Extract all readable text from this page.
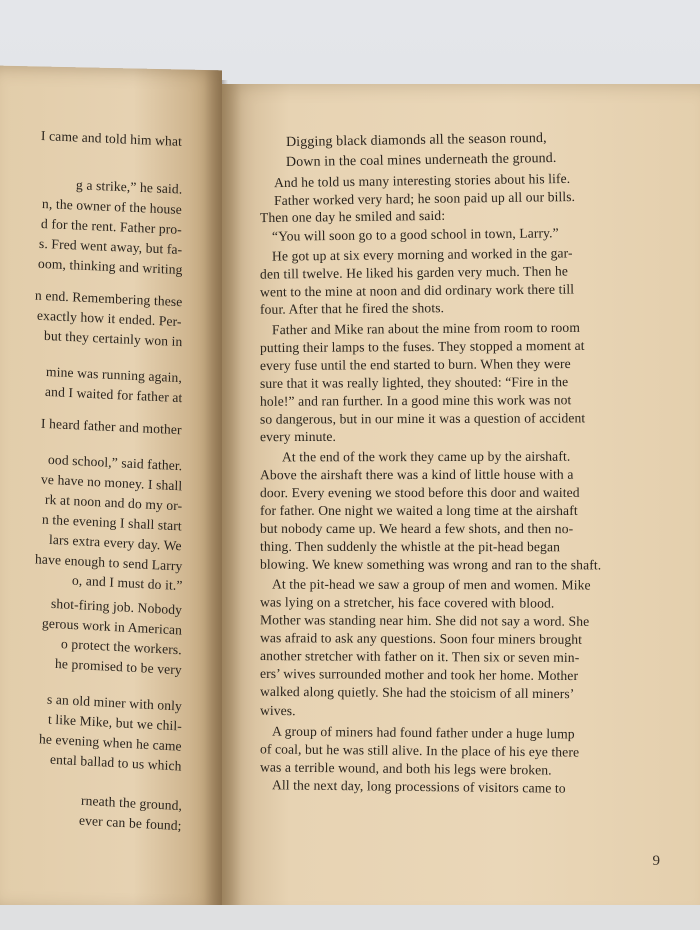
I came and told him what
g a strike,” he said.
n, the owner of the house
d for the rent. Father pro-
s. Fred went away, but fa-
oom, thinking and writing
n end. Remembering these
exactly how it ended. Per-
but they certainly won in
mine was running again,
and I waited for father at
I heard father and mother
ood school,” said father.
ve have no money. I shall
rk at noon and do my or-
n the evening I shall start
lars extra every day. We
have enough to send Larry
o, and I must do it.”
shot-firing job. Nobody
gerous work in American
o protect the workers.
he promised to be very
s an old miner with only
t like Mike, but we chil-
he evening when he came
ental ballad to us which
rneath the ground,
ever can be found;
9
Digging black diamonds all the season round,
Down in the coal mines underneath the ground.
And he told us many interesting stories about his life.
Father worked very hard; he soon paid up all our bills.
Then one day he smiled and said:
“You will soon go to a good school in town, Larry.”
He got up at six every morning and worked in the gar-
den till twelve. He liked his garden very much. Then he
went to the mine at noon and did ordinary work there till
four. After that he fired the shots.
Father and Mike ran about the mine from room to room
putting their lamps to the fuses. They stopped a moment at
every fuse until the end started to burn. When they were
sure that it was really lighted, they shouted: “Fire in the
hole!” and ran further. In a good mine this work was not
so dangerous, but in our mine it was a question of accident
every minute.
At the end of the work they came up by the airshaft.
Above the airshaft there was a kind of little house with a
door. Every evening we stood before this door and waited
for father. One night we waited a long time at the airshaft
but nobody came up. We heard a few shots, and then no-
thing. Then suddenly the whistle at the pit-head began
blowing. We knew something was wrong and ran to the shaft.
At the pit-head we saw a group of men and women. Mike
was lying on a stretcher, his face covered with blood.
Mother was standing near him. She did not say a word. She
was afraid to ask any questions. Soon four miners brought
another stretcher with father on it. Then six or seven min-
ers’ wives surrounded mother and took her home. Mother
walked along quietly. She had the stoicism of all miners’
wives.
A group of miners had found father under a huge lump
of coal, but he was still alive. In the place of his eye there
was a terrible wound, and both his legs were broken.
All the next day, long processions of visitors came to
